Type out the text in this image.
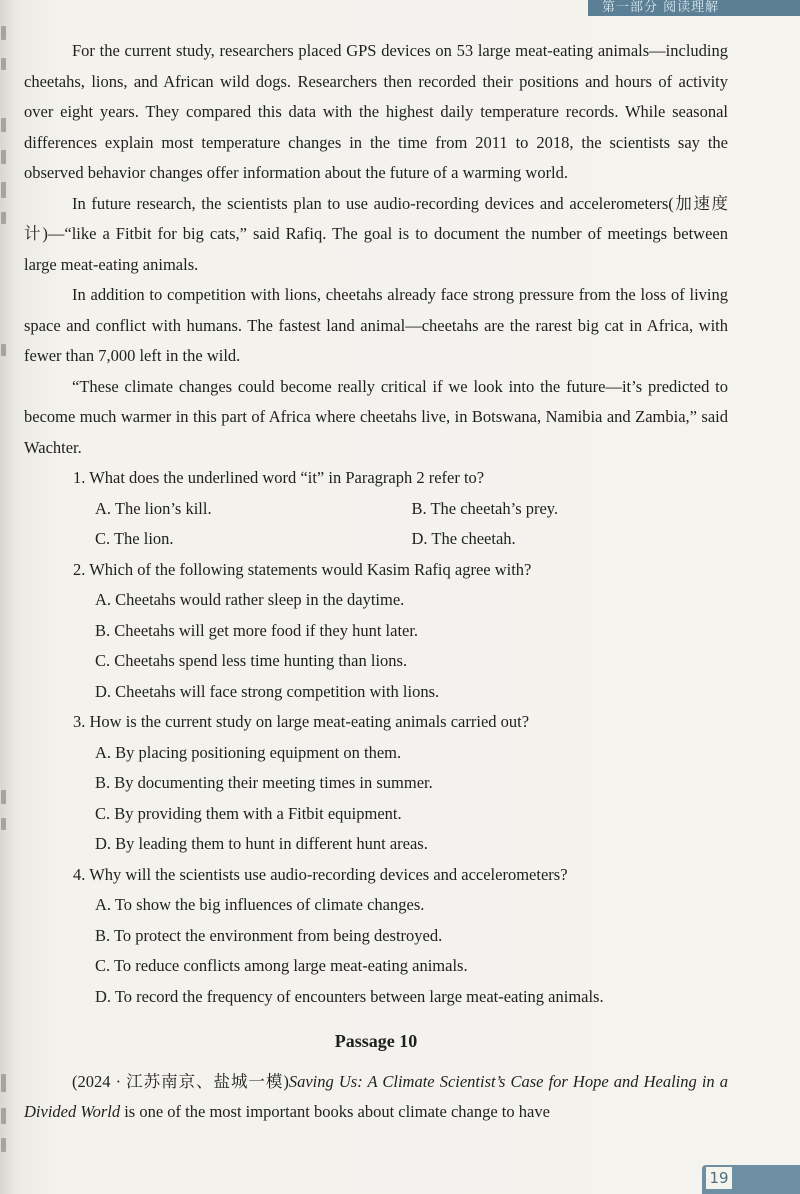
第一部分 阅读理解

For the current study, researchers placed GPS devices on 53 large meat-eating animals—including cheetahs, lions, and African wild dogs. Researchers then recorded their positions and hours of activity over eight years. They compared this data with the highest daily temperature records. While seasonal differences explain most temperature changes in the time from 2011 to 2018, the scientists say the observed behavior changes offer information about the future of a warming world.

In future research, the scientists plan to use audio-recording devices and accelerometers(加速度计)—“like a Fitbit for big cats,” said Rafiq. The goal is to document the number of meetings between large meat-eating animals.

In addition to competition with lions, cheetahs already face strong pressure from the loss of living space and conflict with humans. The fastest land animal—cheetahs are the rarest big cat in Africa, with fewer than 7,000 left in the wild.

“These climate changes could become really critical if we look into the future—it’s predicted to become much warmer in this part of Africa where cheetahs live, in Botswana, Namibia and Zambia,” said Wachter.

1. What does the underlined word “it” in Paragraph 2 refer to?

A. The lion’s kill.	B. The cheetah’s prey.

C. The lion.	D. The cheetah.

2. Which of the following statements would Kasim Rafiq agree with?

A. Cheetahs would rather sleep in the daytime.

B. Cheetahs will get more food if they hunt later.

C. Cheetahs spend less time hunting than lions.

D. Cheetahs will face strong competition with lions.

3. How is the current study on large meat-eating animals carried out?

A. By placing positioning equipment on them.

B. By documenting their meeting times in summer.

C. By providing them with a Fitbit equipment.

D. By leading them to hunt in different hunt areas.

4. Why will the scientists use audio-recording devices and accelerometers?

A. To show the big influences of climate changes.

B. To protect the environment from being destroyed.

C. To reduce conflicts among large meat-eating animals.

D. To record the frequency of encounters between large meat-eating animals.

Passage 10

(2024 · 江苏南京、盐城一模)Saving Us: A Climate Scientist’s Case for Hope and Healing in a Divided World is one of the most important books about climate change to have

19
